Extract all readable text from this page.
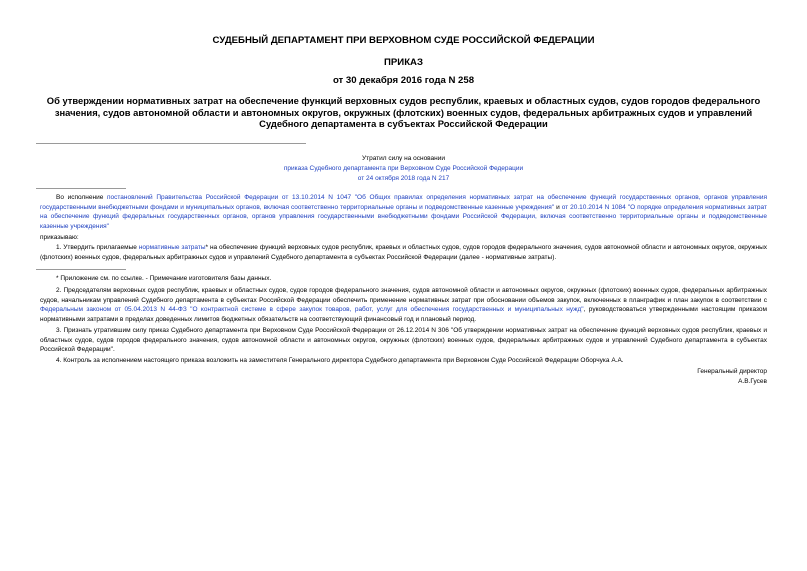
СУДЕБНЫЙ ДЕПАРТАМЕНТ ПРИ ВЕРХОВНОМ СУДЕ РОССИЙСКОЙ ФЕДЕРАЦИИ
ПРИКАЗ
от 30 декабря 2016 года N 258
Об утверждении нормативных затрат на обеспечение функций верховных судов республик, краевых и областных судов, судов городов федерального значения, судов автономной области и автономных округов, окружных (флотских) военных судов, федеральных арбитражных судов и управлений Судебного департамента в субъектах Российской Федерации
Утратил силу на основании
приказа Судебного департамента при Верховном Суде Российской Федерации
от 24 октября 2018 года N 217
Во исполнение постановлений Правительства Российской Федерации от 13.10.2014 N 1047 "Об Общих правилах определения нормативных затрат на обеспечение функций государственных органов, органов управления государственными внебюджетными фондами и муниципальных органов, включая соответственно территориальные органы и подведомственные казенные учреждения" и от 20.10.2014 N 1084 "О порядке определения нормативных затрат на обеспечение функций федеральных государственных органов, органов управления государственными внебюджетными фондами Российской Федерации, включая соответственно территориальные органы и подведомственные казенные учреждения"
приказываю:
1. Утвердить прилагаемые нормативные затраты* на обеспечение функций верховных судов республик, краевых и областных судов, судов городов федерального значения, судов автономной области и автономных округов, окружных (флотских) военных судов, федеральных арбитражных судов и управлений Судебного департамента в субъектах Российской Федерации (далее - нормативные затраты).
* Приложение см. по ссылке. - Примечание изготовителя базы данных.
2. Председателям верховных судов республик, краевых и областных судов, судов городов федерального значения, судов автономной области и автономных округов, окружных (флотских) военных судов, федеральных арбитражных судов, начальникам управлений Судебного департамента в субъектах Российской Федерации обеспечить применение нормативных затрат при обосновании объемов закупок, включенных в планграфик и план закупок в соответствии с Федеральным законом от 05.04.2013 N 44-ФЗ "О контрактной системе в сфере закупок товаров, работ, услуг для обеспечения государственных и муниципальных нужд", руководствоваться утвержденными настоящим приказом нормативными затратами в пределах доведенных лимитов бюджетных обязательств на соответствующий финансовый год и плановый период.
3. Признать утратившим силу приказ Судебного департамента при Верховном Суде Российской Федерации от 26.12.2014 N 306 "Об утверждении нормативных затрат на обеспечение функций верховных судов республик, краевых и областных судов, судов городов федерального значения, судов автономной области и автономных округов, окружных (флотских) военных судов, федеральных арбитражных судов и управлений Судебного департамента в субъектах Российской Федерации".
4. Контроль за исполнением настоящего приказа возложить на заместителя Генерального директора Судебного департамента при Верховном Суде Российской Федерации Оборчука А.А.
Генеральный директор
А.В.Гусев
